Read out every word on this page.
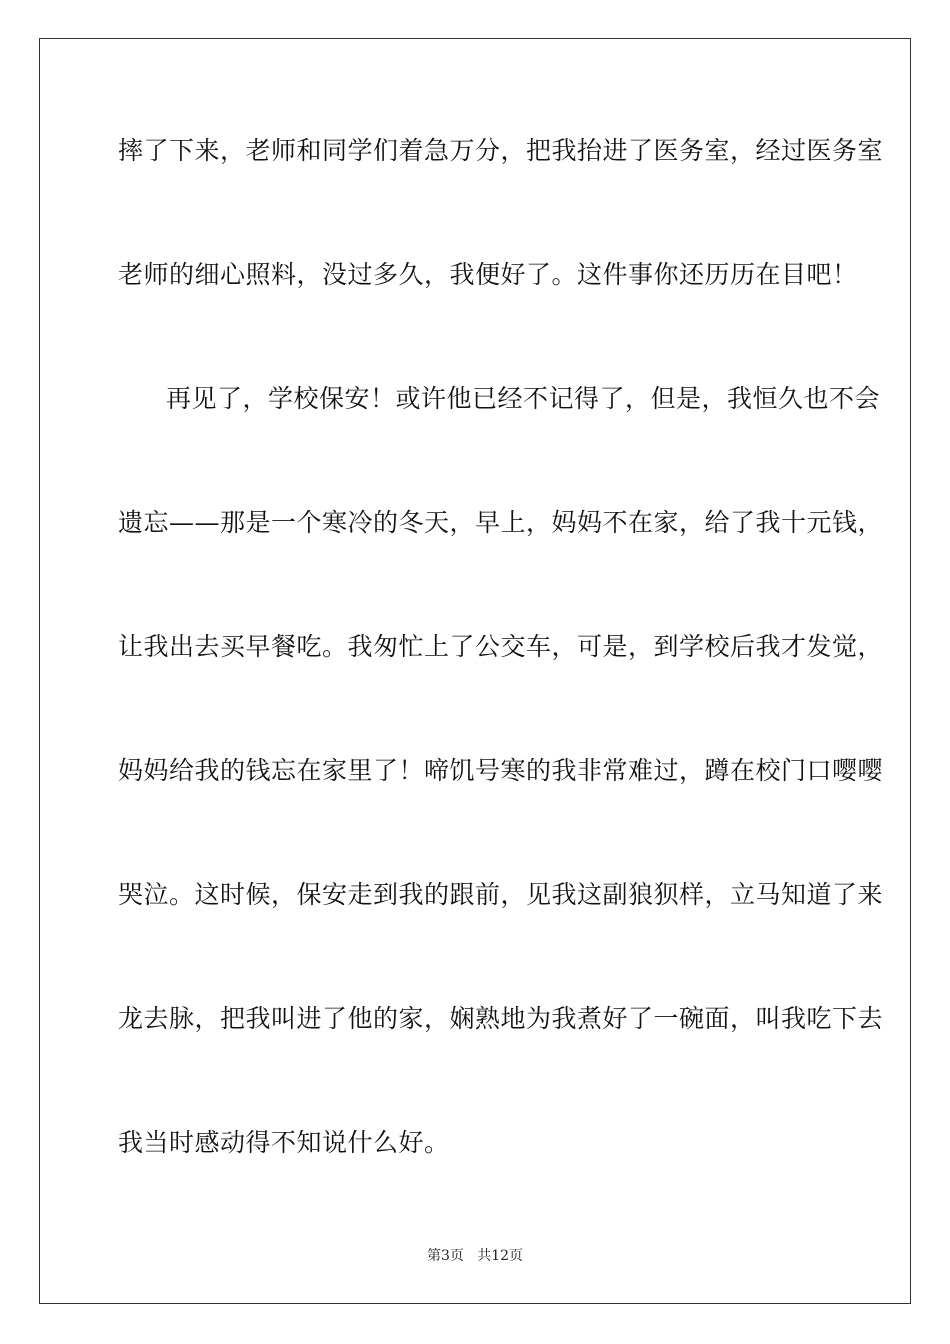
摔了下来，老师和同学们着急万分，把我抬进了医务室，经过医务室
老师的细心照料，没过多久，我便好了。这件事你还历历在目吧！
再见了，学校保安！或许他已经不记得了，但是，我恒久也不会
遗忘——那是一个寒冷的冬天，早上，妈妈不在家，给了我十元钱，
让我出去买早餐吃。我匆忙上了公交车，可是，到学校后我才发觉，
妈妈给我的钱忘在家里了！啼饥号寒的我非常难过，蹲在校门口嘤嘤
哭泣。这时候，保安走到我的跟前，见我这副狼狈样，立马知道了来
龙去脉，把我叫进了他的家，娴熟地为我煮好了一碗面，叫我吃下去
我当时感动得不知说什么好。
第3页   共12页
